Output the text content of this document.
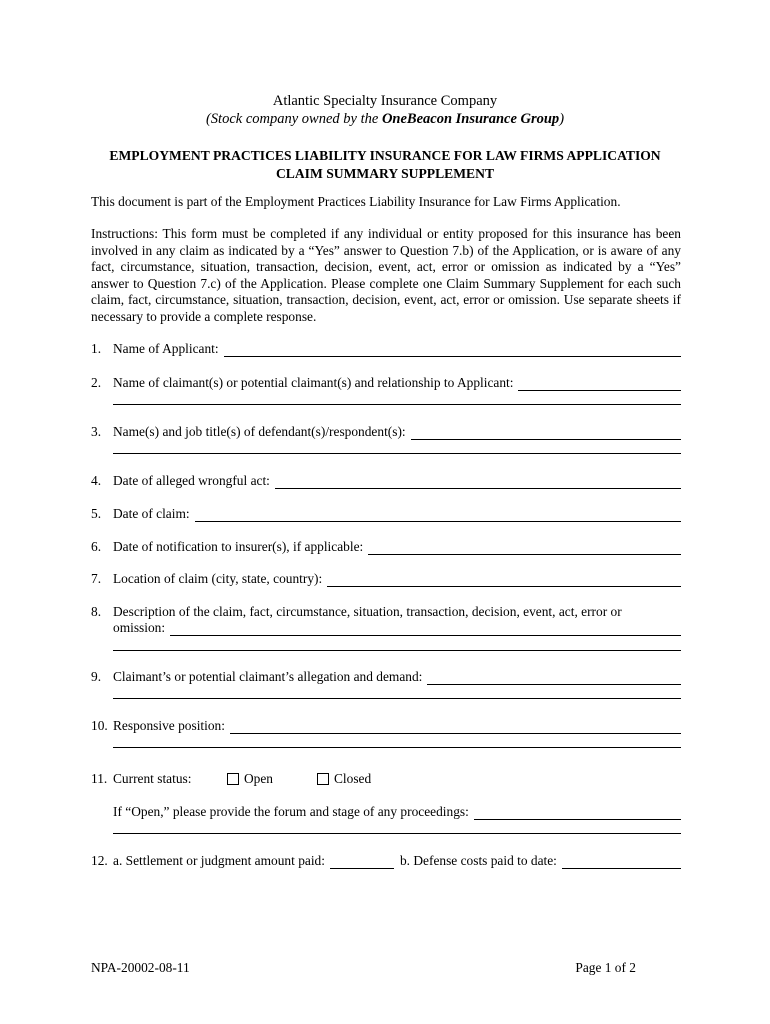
Atlantic Specialty Insurance Company
(Stock company owned by the OneBeacon Insurance Group)
EMPLOYMENT PRACTICES LIABILITY INSURANCE FOR LAW FIRMS APPLICATION
CLAIM SUMMARY SUPPLEMENT
This document is part of the Employment Practices Liability Insurance for Law Firms Application.
Instructions: This form must be completed if any individual or entity proposed for this insurance has been involved in any claim as indicated by a “Yes” answer to Question 7.b) of the Application, or is aware of any fact, circumstance, situation, transaction, decision, event, act, error or omission as indicated by a “Yes” answer to Question 7.c) of the Application. Please complete one Claim Summary Supplement for each such claim, fact, circumstance, situation, transaction, decision, event, act, error or omission. Use separate sheets if necessary to provide a complete response.
1. Name of Applicant:
2. Name of claimant(s) or potential claimant(s) and relationship to Applicant:
3. Name(s) and job title(s) of defendant(s)/respondent(s):
4. Date of alleged wrongful act:
5. Date of claim:
6. Date of notification to insurer(s), if applicable:
7. Location of claim (city, state, country):
8. Description of the claim, fact, circumstance, situation, transaction, decision, event, act, error or
omission:
9. Claimant’s or potential claimant’s allegation and demand:
10. Responsive position:
11. Current status:	Open	Closed
If “Open,” please provide the forum and stage of any proceedings:
12. a. Settlement or judgment amount paid:	b. Defense costs paid to date:
NPA-20002-08-11	Page 1 of 2
